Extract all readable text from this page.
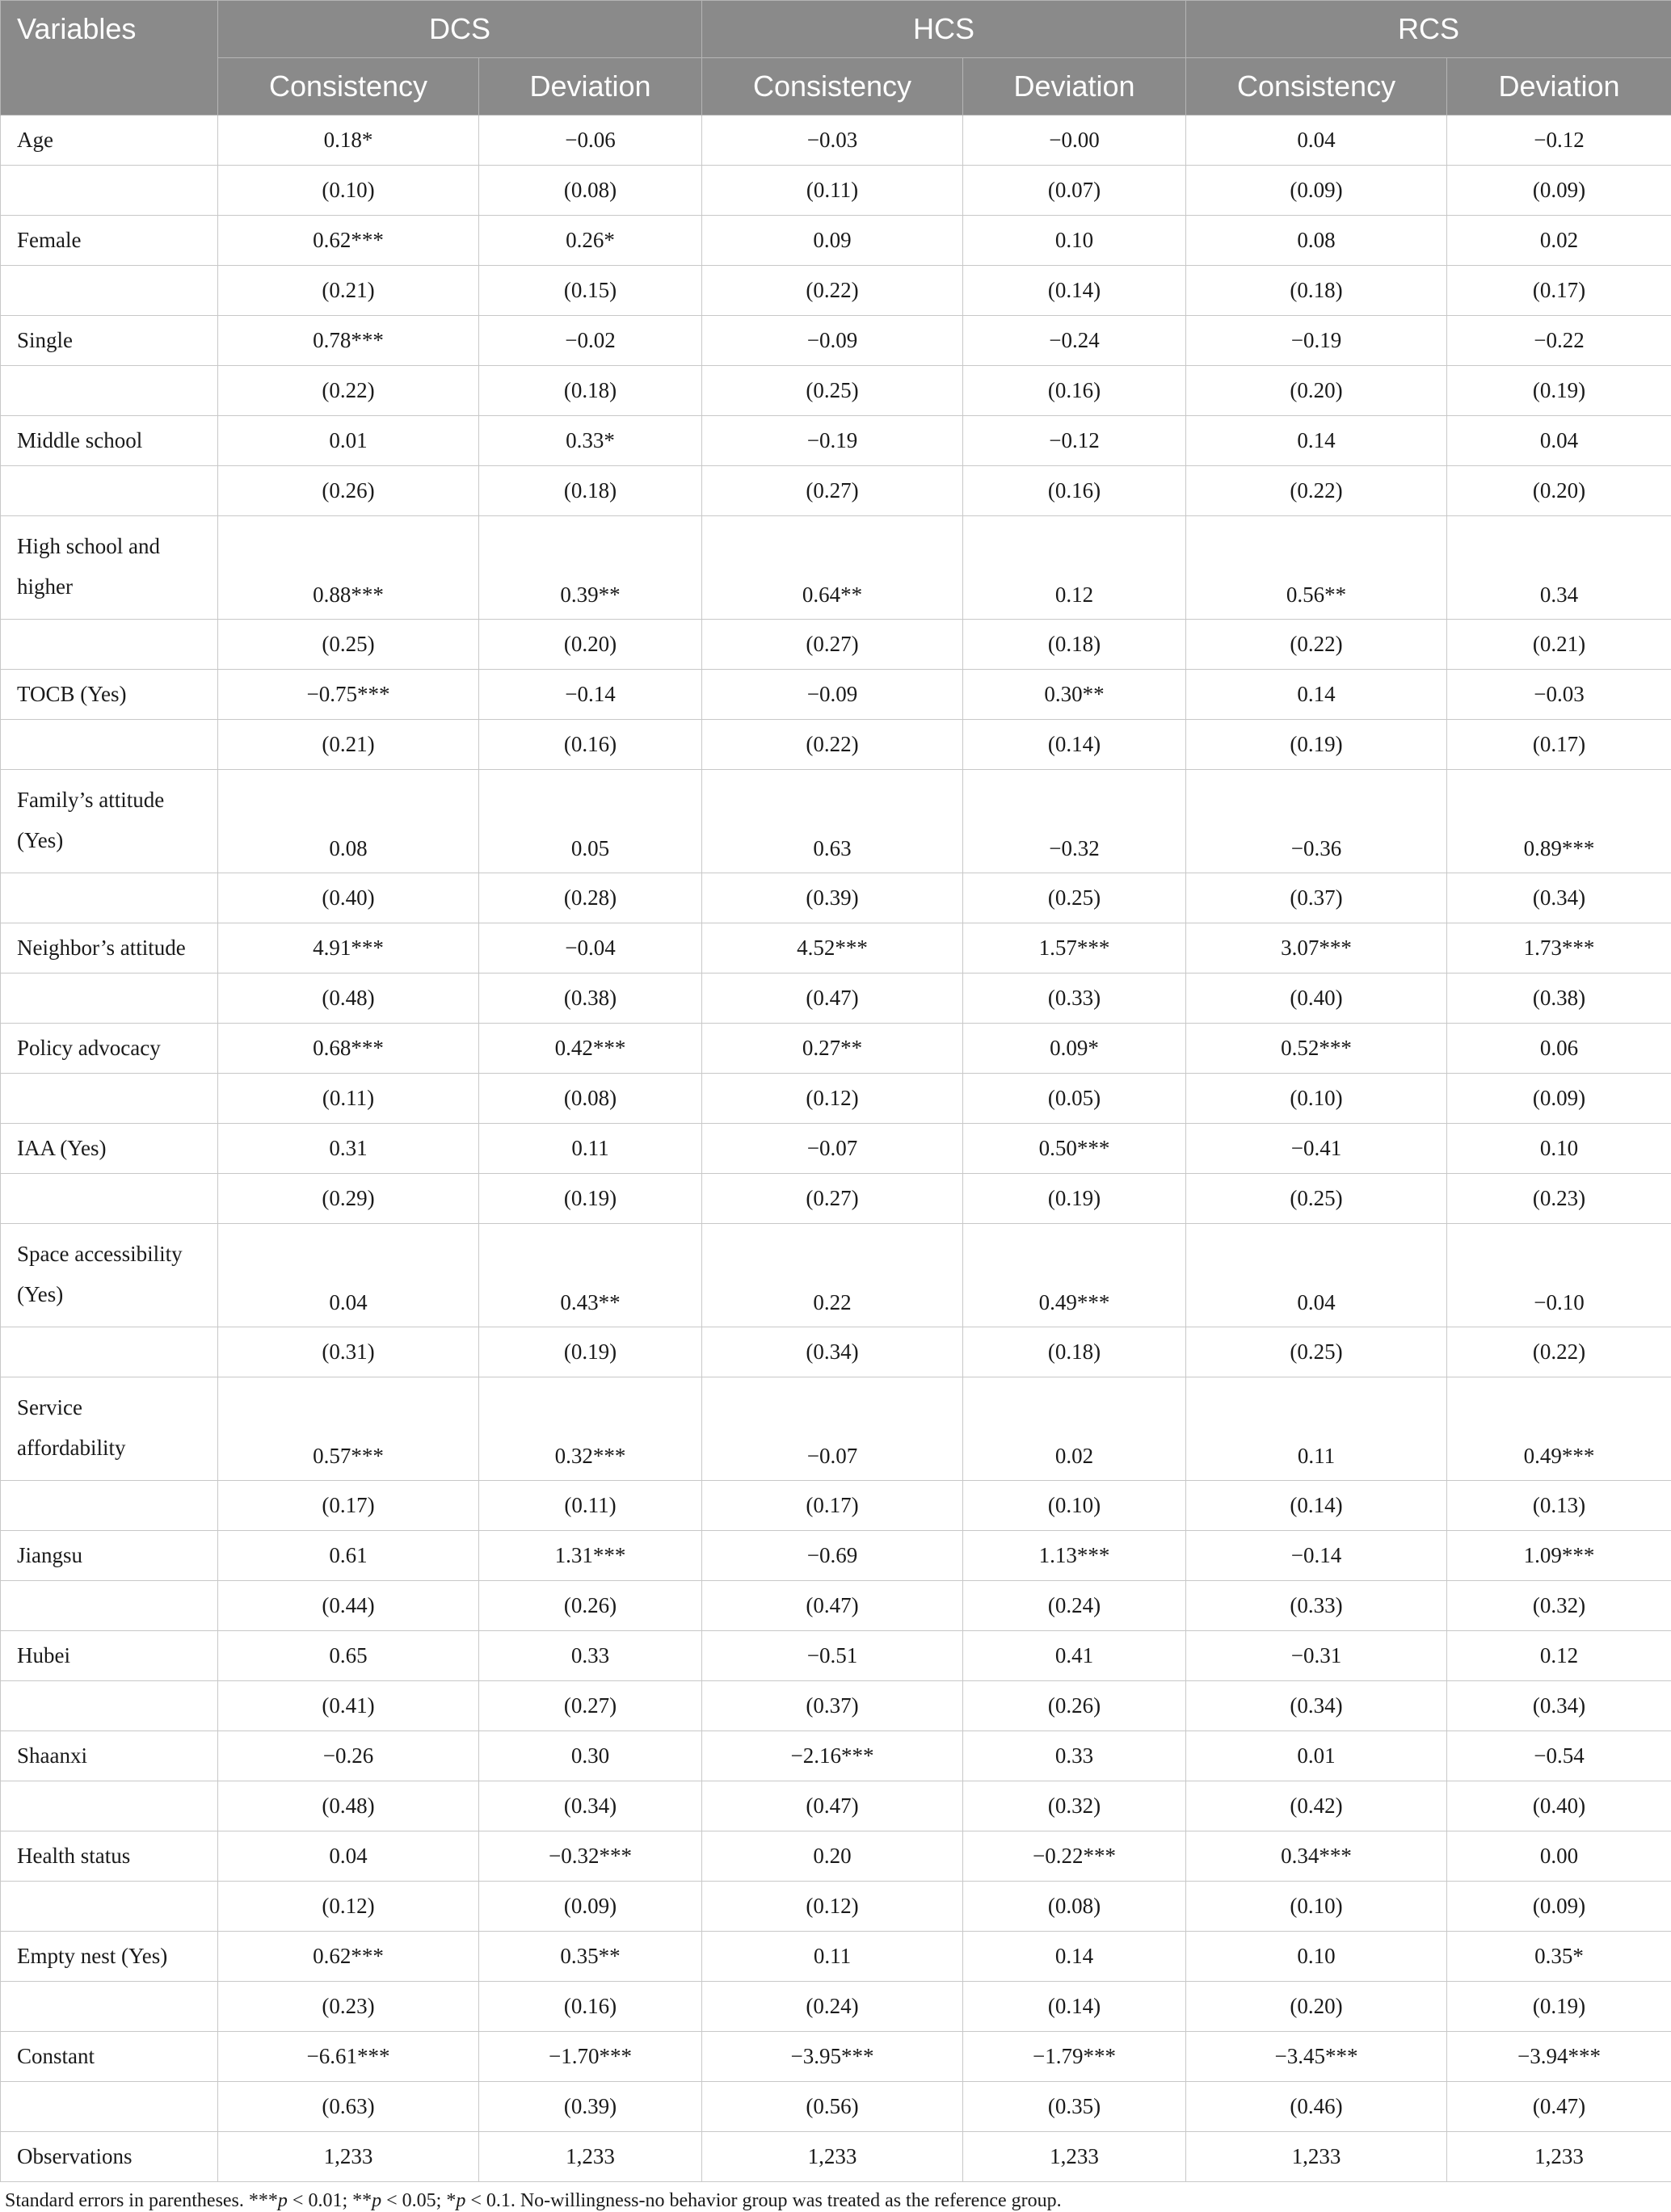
Variables	DCS		HCS		RCS	
	Consistency	Deviation	Consistency	Deviation	Consistency	Deviation
Age	0.18*	−0.06	−0.03	−0.00	0.04	−0.12
	(0.10)	(0.08)	(0.11)	(0.07)	(0.09)	(0.09)
Female	0.62***	0.26*	0.09	0.10	0.08	0.02
	(0.21)	(0.15)	(0.22)	(0.14)	(0.18)	(0.17)
Single	0.78***	−0.02	−0.09	−0.24	−0.19	−0.22
	(0.22)	(0.18)	(0.25)	(0.16)	(0.20)	(0.19)
Middle school	0.01	0.33*	−0.19	−0.12	0.14	0.04
	(0.26)	(0.18)	(0.27)	(0.16)	(0.22)	(0.20)

High school and
higher	0.88***	0.39**	0.64**	0.12	0.56**	0.34
	(0.25)	(0.20)	(0.27)	(0.18)	(0.22)	(0.21)
TOCB (Yes)	−0.75***	−0.14	−0.09	0.30**	0.14	−0.03
	(0.21)	(0.16)	(0.22)	(0.14)	(0.19)	(0.17)

Family’s attitude
(Yes)	0.08	0.05	0.63	−0.32	−0.36	0.89***
	(0.40)	(0.28)	(0.39)	(0.25)	(0.37)	(0.34)
Neighbor’s attitude	4.91***	−0.04	4.52***	1.57***	3.07***	1.73***
	(0.48)	(0.38)	(0.47)	(0.33)	(0.40)	(0.38)
Policy advocacy	0.68***	0.42***	0.27**	0.09*	0.52***	0.06
	(0.11)	(0.08)	(0.12)	(0.05)	(0.10)	(0.09)
IAA (Yes)	0.31	0.11	−0.07	0.50***	−0.41	0.10
	(0.29)	(0.19)	(0.27)	(0.19)	(0.25)	(0.23)

Space accessibility
(Yes)	0.04	0.43**	0.22	0.49***	0.04	−0.10
	(0.31)	(0.19)	(0.34)	(0.18)	(0.25)	(0.22)

Service
affordability	0.57***	0.32***	−0.07	0.02	0.11	0.49***
	(0.17)	(0.11)	(0.17)	(0.10)	(0.14)	(0.13)
Jiangsu	0.61	1.31***	−0.69	1.13***	−0.14	1.09***
	(0.44)	(0.26)	(0.47)	(0.24)	(0.33)	(0.32)
Hubei	0.65	0.33	−0.51	0.41	−0.31	0.12
	(0.41)	(0.27)	(0.37)	(0.26)	(0.34)	(0.34)
Shaanxi	−0.26	0.30	−2.16***	0.33	0.01	−0.54
	(0.48)	(0.34)	(0.47)	(0.32)	(0.42)	(0.40)
Health status	0.04	−0.32***	0.20	−0.22***	0.34***	0.00
	(0.12)	(0.09)	(0.12)	(0.08)	(0.10)	(0.09)
Empty nest (Yes)	0.62***	0.35**	0.11	0.14	0.10	0.35*
	(0.23)	(0.16)	(0.24)	(0.14)	(0.20)	(0.19)
Constant	−6.61***	−1.70***	−3.95***	−1.79***	−3.45***	−3.94***
	(0.63)	(0.39)	(0.56)	(0.35)	(0.46)	(0.47)
Observations	1,233	1,233	1,233	1,233	1,233	1,233
Standard errors in parentheses. ***p < 0.01; **p < 0.05; *p < 0.1. No-willingness-no behavior group was treated as the reference group.
